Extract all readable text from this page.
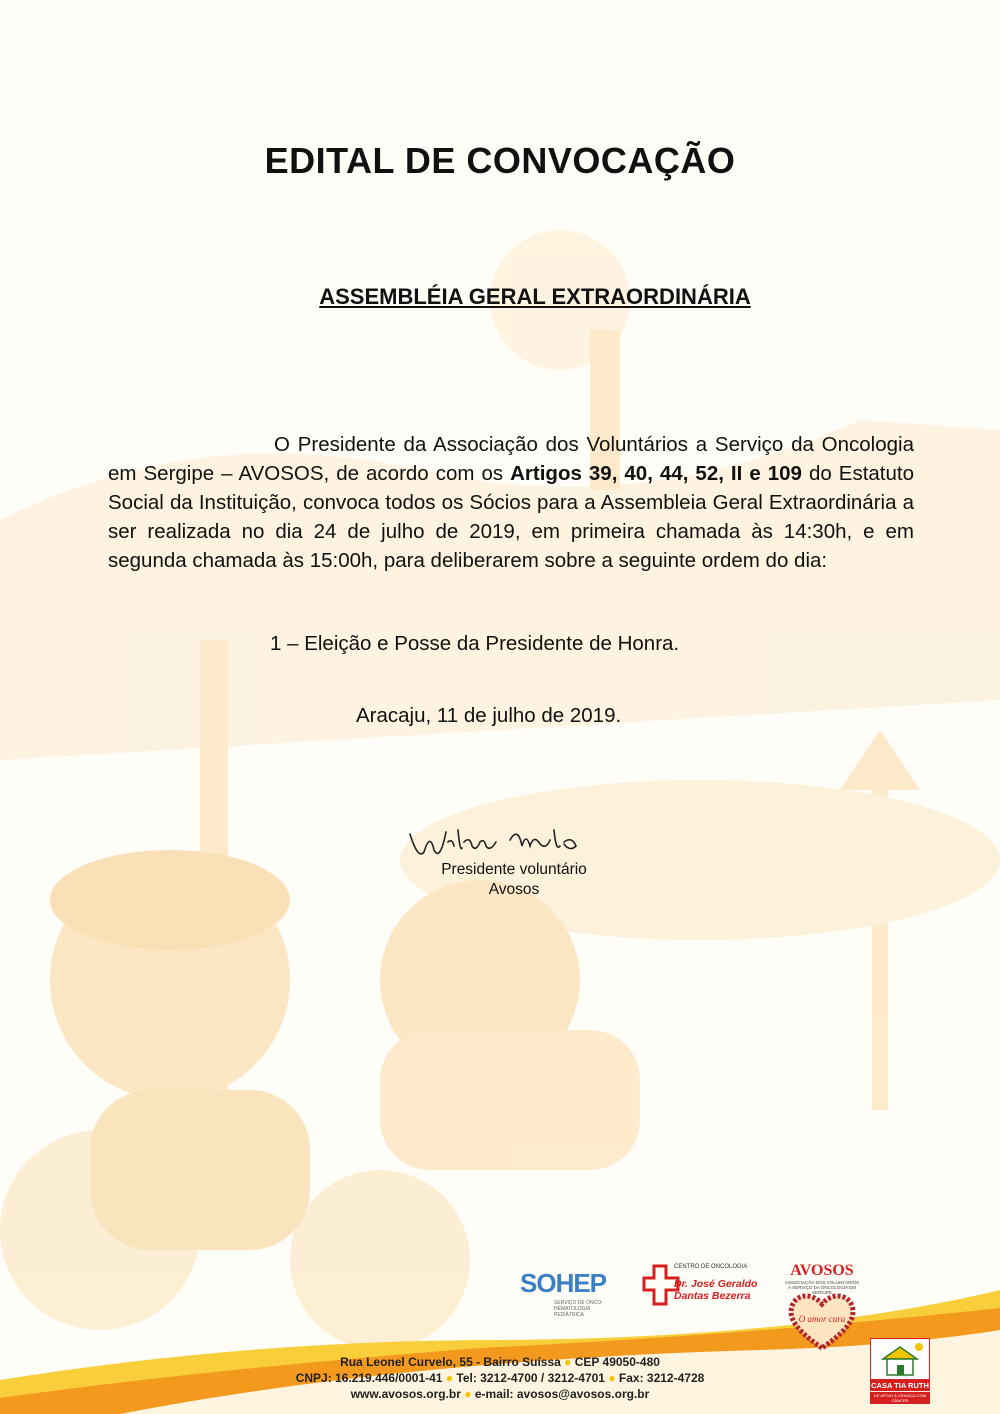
EDITAL DE CONVOCAÇÃO
ASSEMBLÉIA GERAL EXTRAORDINÁRIA
O Presidente da Associação dos Voluntários a Serviço da Oncologia em Sergipe – AVOSOS, de acordo com os Artigos 39, 40, 44, 52, II e 109 do Estatuto Social da Instituição, convoca todos os Sócios para a Assembleia Geral Extraordinária a ser realizada no dia 24 de julho de 2019, em primeira chamada às 14:30h, e em segunda chamada às 15:00h, para deliberarem sobre a seguinte ordem do dia:
1 – Eleição e Posse da Presidente de Honra.
Aracaju, 11 de julho de 2019.
Presidente voluntário
Avosos
SOHEP
SERVIÇO DE ONCO-HEMATOLOGIA PEDIÁTRICA
CENTRO DE ONCOLOGIA
Dr. José Geraldo
Dantas Bezerra
AVOSOS
ASSOCIAÇÃO DOS VOLUNTÁRIOS A SERVIÇO DA ONCOLOGIA EM SERGIPE
O amor cura
CASA TIA RUTH
DE APOIO À CRIANÇA COM CÂNCER
Rua Leonel Curvelo, 55 - Bairro Suíssa ● CEP 49050-480
CNPJ: 16.219.446/0001-41 ● Tel: 3212-4700 / 3212-4701 ● Fax: 3212-4728
www.avosos.org.br ● e-mail: avosos@avosos.org.br
